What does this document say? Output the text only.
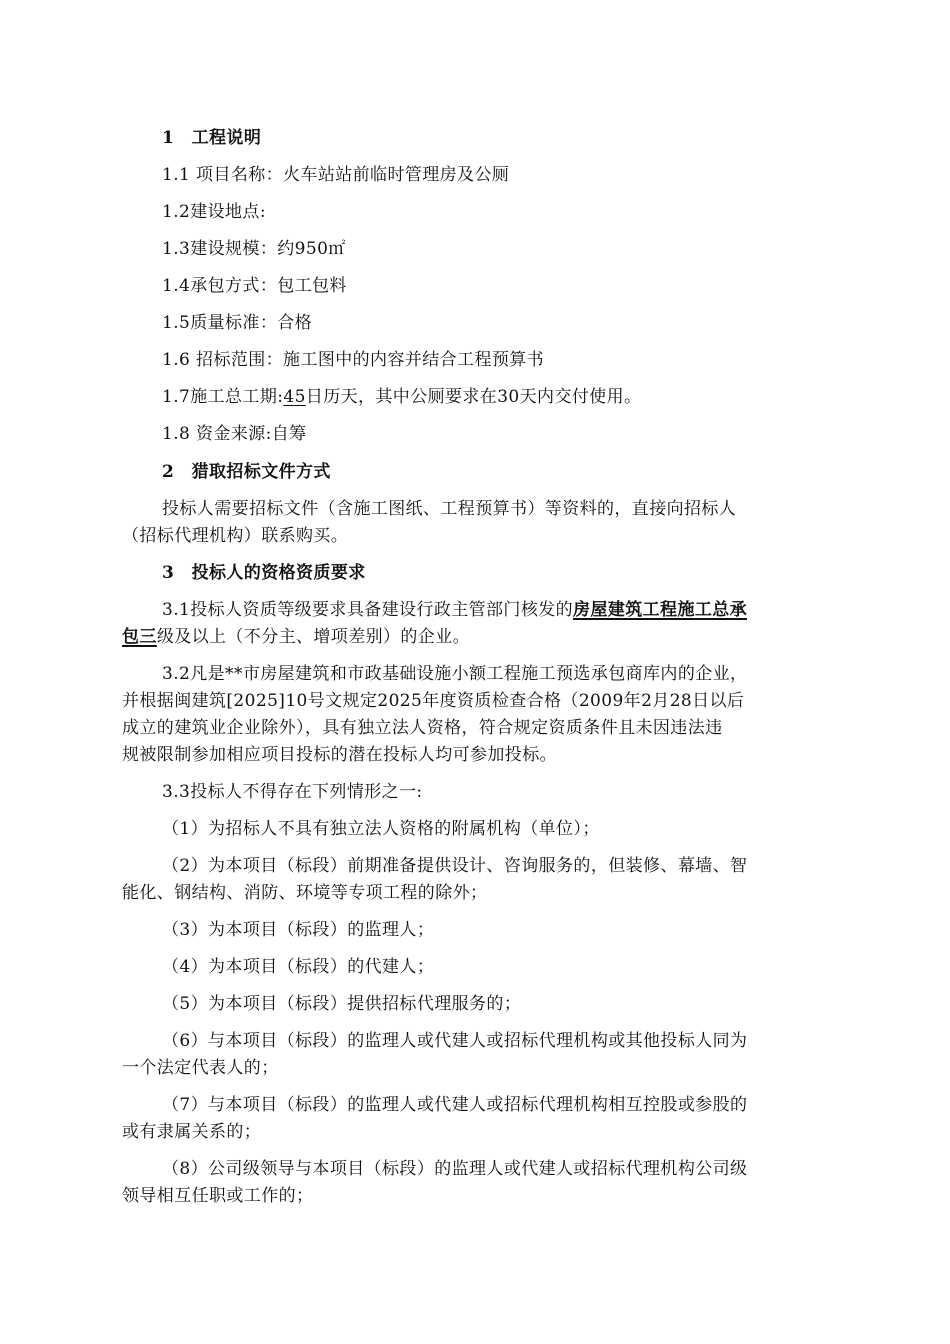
1　工程说明
1.1 项目名称：火车站站前临时管理房及公厕
1.2建设地点:
1.3建设规模：约950㎡
1.4承包方式：包工包料
1.5质量标准：合格
1.6 招标范围：施工图中的内容并结合工程预算书
1.7施工总工期:45日历天，其中公厕要求在30天内交付使用。
1.8 资金来源:自筹
2　猎取招标文件方式
投标人需要招标文件（含施工图纸、工程预算书）等资料的，直接向招标人
（招标代理机构）联系购买。
3　投标人的资格资质要求
3.1投标人资质等级要求具备建设行政主管部门核发的房屋建筑工程施工总承
包三级及以上（不分主、增项差别）的企业。
3.2凡是**市房屋建筑和市政基础设施小额工程施工预选承包商库内的企业，
并根据闽建筑[2025]10号文规定2025年度资质检查合格（2009年2月28日以后
成立的建筑业企业除外），具有独立法人资格，符合规定资质条件且未因违法违
规被限制参加相应项目投标的潜在投标人均可参加投标。
3.3投标人不得存在下列情形之一:
（1）为招标人不具有独立法人资格的附属机构（单位）；
（2）为本项目（标段）前期准备提供设计、咨询服务的，但装修、幕墙、智
能化、钢结构、消防、环境等专项工程的除外；
（3）为本项目（标段）的监理人；
（4）为本项目（标段）的代建人；
（5）为本项目（标段）提供招标代理服务的；
（6）与本项目（标段）的监理人或代建人或招标代理机构或其他投标人同为
一个法定代表人的；
（7）与本项目（标段）的监理人或代建人或招标代理机构相互控股或参股的
或有隶属关系的；
（8）公司级领导与本项目（标段）的监理人或代建人或招标代理机构公司级
领导相互任职或工作的；
